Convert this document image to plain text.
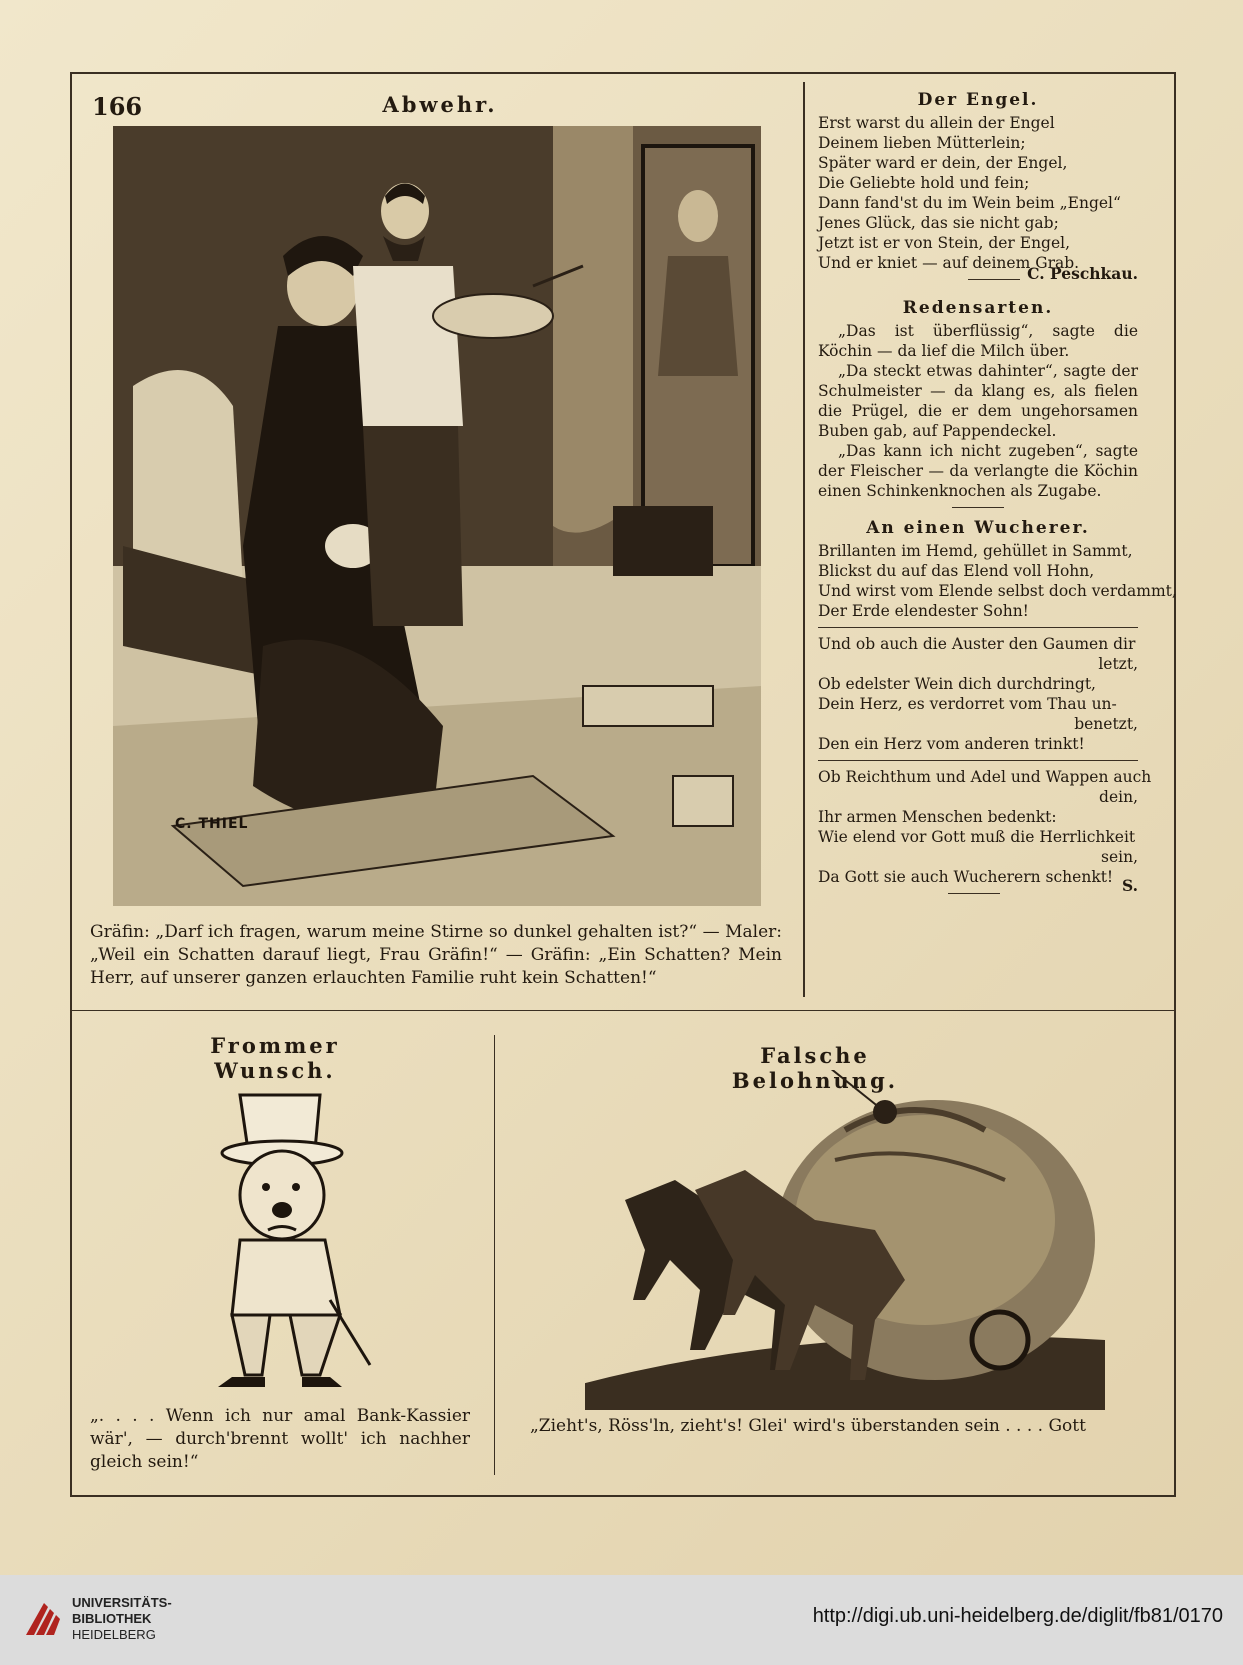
166	Abwehr.
C. THIEL
Gräfin: „Darf ich fragen, warum meine Stirne so dunkel gehalten ist?“ — Maler: „Weil ein Schatten darauf liegt, Frau Gräfin!“ — Gräfin: „Ein Schatten? Mein Herr, auf unserer ganzen erlauchten Familie ruht kein Schatten!“
Der Engel.
Erst warst du allein der Engel
Deinem lieben Mütterlein;
Später ward er dein, der Engel,
Die Geliebte hold und fein;
Dann fand'st du im Wein beim „Engel“
Jenes Glück, das sie nicht gab;
Jetzt ist er von Stein, der Engel,
Und er kniet — auf deinem Grab.
C. Peschkau.
Redensarten.

„Das ist überflüssig“, sagte die Köchin — da lief die Milch über.

„Da steckt etwas dahinter“, sagte der Schulmeister — da klang es, als fielen die Prügel, die er dem ungehorsamen Buben gab, auf Pappendeckel.

„Das kann ich nicht zugeben“, sagte der Fleischer — da verlangte die Köchin einen Schinkenknochen als Zugabe.

An einen Wucherer.
Brillanten im Hemd, gehüllet in Sammt,
Blickst du auf das Elend voll Hohn,
Und wirst vom Elende selbst doch verdammt,
Der Erde elendester Sohn!
Und ob auch die Auster den Gaumen dir
letzt,
Ob edelster Wein dich durchdringt,
Dein Herz, es verdorret vom Thau un-
benetzt,
Den ein Herz vom anderen trinkt!
Ob Reichthum und Adel und Wappen auch
dein,
Ihr armen Menschen bedenkt:
Wie elend vor Gott muß die Herrlichkeit
sein,
Da Gott sie auch Wucherern schenkt! S.
Frommer Wunsch.
„. . . . Wenn ich nur amal Bank-Kassier wär', — durch'brennt wollt' ich nachher gleich sein!“
Falsche Belohnung.
„Zieht's, Röss'ln, zieht's! Glei' wird's überstanden sein . . . . Gott
UNIVERSITÄTS-
BIBLIOTHEK
HEIDELBERG
http://digi.ub.uni-heidelberg.de/diglit/fb81/0170
